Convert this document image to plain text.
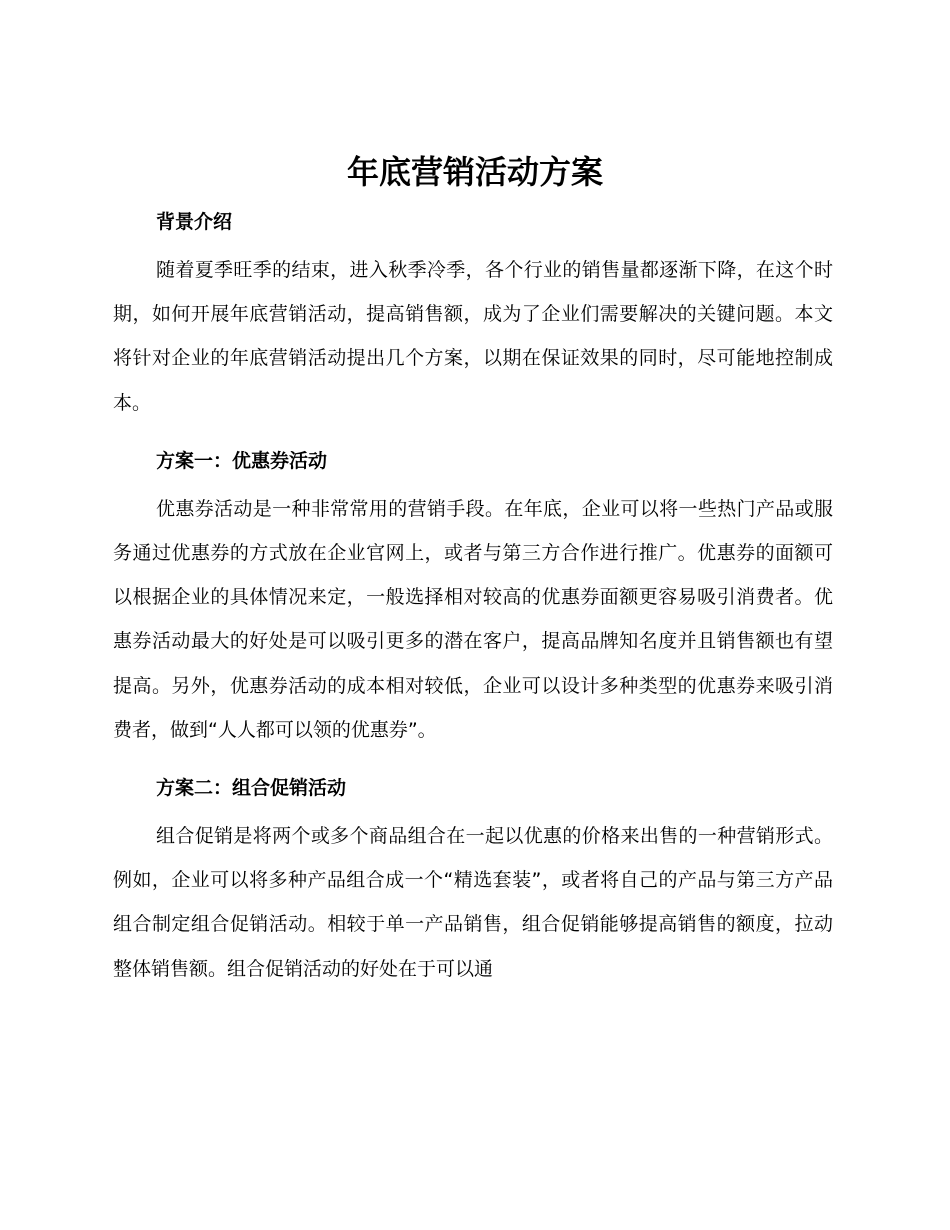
年底营销活动方案
背景介绍

随着夏季旺季的结束，进入秋季冷季，各个行业的销售量都逐渐下降，在这个时期，如何开展年底营销活动，提高销售额，成为了企业们需要解决的关键问题。本文将针对企业的年底营销活动提出几个方案，以期在保证效果的同时，尽可能地控制成本。

方案一：优惠券活动

优惠券活动是一种非常常用的营销手段。在年底，企业可以将一些热门产品或服务通过优惠券的方式放在企业官网上，或者与第三方合作进行推广。优惠券的面额可以根据企业的具体情况来定，一般选择相对较高的优惠券面额更容易吸引消费者。优惠券活动最大的好处是可以吸引更多的潜在客户，提高品牌知名度并且销售额也有望提高。另外，优惠券活动的成本相对较低，企业可以设计多种类型的优惠券来吸引消费者，做到“人人都可以领的优惠券”。

方案二：组合促销活动

组合促销是将两个或多个商品组合在一起以优惠的价格来出售的一种营销形式。例如，企业可以将多种产品组合成一个“精选套装”，或者将自己的产品与第三方产品组合制定组合促销活动。相较于单一产品销售，组合促销能够提高销售的额度，拉动整体销售额。组合促销活动的好处在于可以通
